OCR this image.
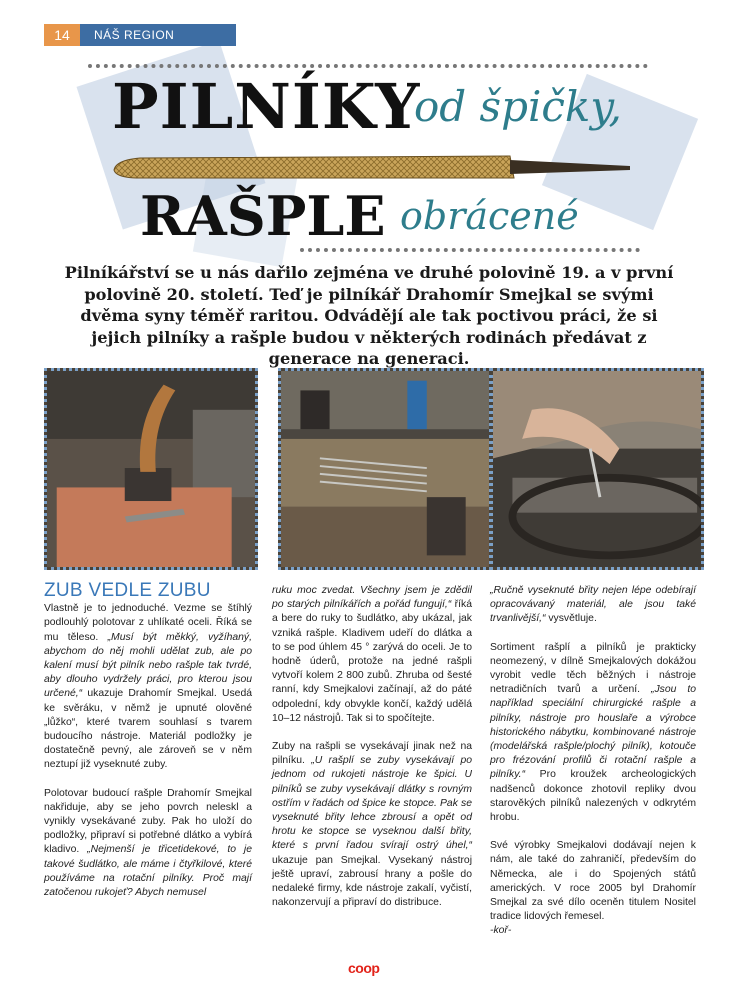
14	NÁŠ REGION
PILNÍKY
od špičky,
RAŠPLE obrácené
Pilníkářství se u nás dařilo zejména ve druhé polovině 19. a v první polovině 20. století. Teď je pilníkář Drahomír Smejkal se svými dvěma syny téměř raritou. Odvádějí ale tak poctivou práci, že si jejich pilníky a rašple budou v některých rodinách předávat z generace na generaci.
ZUB VEDLE ZUBU

Vlastně je to jednoduché. Vezme se štíhlý podlouhlý polotovar z uhlíkaté oceli. Říká se mu těleso. „Musí být měkký, vyžíhaný, abychom do něj mohli udělat zub, ale po kalení musí být pilník nebo rašple tak tvrdé, aby dlouho vydržely práci, pro kterou jsou určené,“ ukazuje Drahomír Smejkal. Usedá ke svěráku, v němž je upnuté olověné „lůžko“, které tvarem souhlasí s tvarem budoucího nástroje. Materiál podložky je dostatečně pevný, ale zároveň se v něm neztupí již vyseknuté zuby.

Polotovar budoucí rašple Drahomír Smejkal nakřiduje, aby se jeho povrch neleskl a vynikly vysekávané zuby. Pak ho uloží do podložky, připraví si potřebné dlátko a vybírá kladivo. „Nejmenší je třicetidekové, to je takové šudlátko, ale máme i čtyřkilové, které používáme na rotační pilníky. Proč mají zatočenou rukojeť? Abych nemusel

ruku moc zvedat. Všechny jsem je zdědil po starých pilníkářích a pořád fungují,“ říká a bere do ruky to šudlátko, aby ukázal, jak vzniká rašple. Kladivem udeří do dlátka a to se pod úhlem 45 ° zarývá do oceli. Je to hodně úderů, protože na jedné rašpli vytvoří kolem 2 800 zubů. Zhruba od šesté ranní, kdy Smejkalovi začínají, až do páté odpolední, kdy obvykle končí, každý udělá 10–12 nástrojů. Tak si to spočítejte.

Zuby na rašpli se vysekávají jinak než na pilníku. „U rašplí se zuby vysekávají po jednom od rukojeti nástroje ke špici. U pilníků se zuby vysekávají dlátky s rovným ostřím v řadách od špice ke stopce. Pak se vyseknuté břity lehce zbrousí a opět od hrotu ke stopce se vyseknou další břity, které s první řadou svírají ostrý úhel,“ ukazuje pan Smejkal. Vysekaný nástroj ještě upraví, zabrousí hrany a pošle do nedaleké firmy, kde nástroje zakalí, vyčistí, nakonzervují a připraví do distribuce.

„Ručně vyseknuté břity nejen lépe odebírají opracovávaný materiál, ale jsou také trvanlivější,“ vysvětluje.

Sortiment rašplí a pilníků je prakticky neomezený, v dílně Smejkalových dokážou vyrobit vedle těch běžných i nástroje netradičních tvarů a určení. „Jsou to například speciální chirurgické rašple a pilníky, nástroje pro houslaře a výrobce historického nábytku, kombinované nástroje (modelářská rašple/plochý pilník), kotouče pro frézování profilů či rotační rašple a pilníky.“ Pro kroužek archeologických nadšenců dokonce zhotovil repliky dvou starověkých pilníků nalezených v odkrytém hrobu.

Své výrobky Smejkalovi dodávají nejen k nám, ale také do zahraničí, především do Německa, ale i do Spojených států amerických. V roce 2005 byl Drahomír Smejkal za své dílo oceněn titulem Nositel tradice lidových řemesel.

-koř-

coop
